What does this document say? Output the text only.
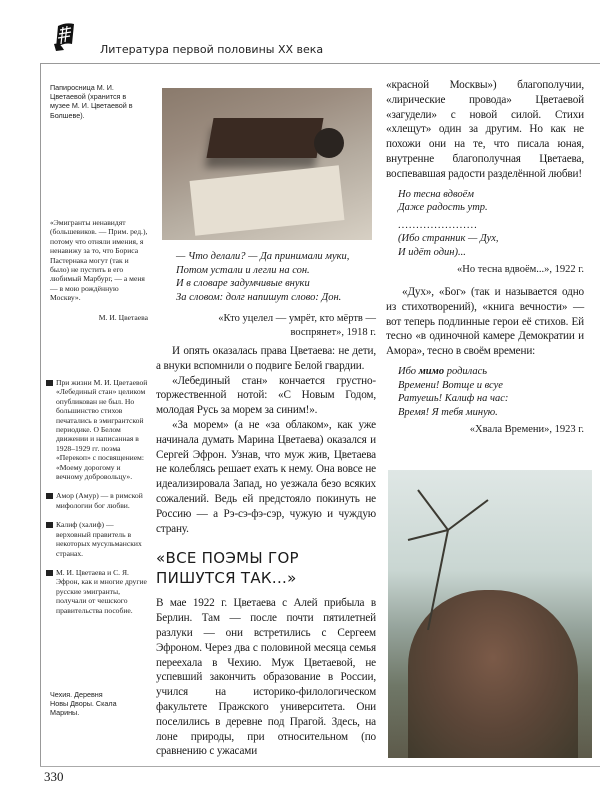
Литература первой половины XX века
Папиросница М. И. Цветаевой (хранится в музее М. И. Цветаевой в Болшеве).
«Эмигранты ненавидят (большевиков. — Прим. ред.), потому что отняли имения, я ненавижу за то, что Бориса Пастернака могут (так и было) не пустить в его любимый Марбург, — а меня — в мою рождённую Москву».
М. И. Цветаева
При жизни М. И. Цветаевой «Лебединый стан» целиком опубликован не был. Но большинство стихов печатались в эмигрантской периодике. О Белом движении и написанная в 1928–1929 гг. поэма «Перекоп» с посвящением: «Моему дорогому и вечному добровольцу».
Амор (Амур) — в римской мифологии бог любви.
Калиф (халиф) — верховный правитель в некоторых мусульманских странах.
М. И. Цветаева и С. Я. Эфрон, как и многие другие русские эмигранты, получали от чешского правительства пособие.
Чехия. Деревня Новы Дворы. Скала Марины.
— Что делали? — Да принимали муки,
Потом устали и легли на сон.
И в словаре задумчивые внуки
За словом: долг напишут слово: Дон.
«Кто уцелел — умрёт, кто мёртв — воспрянет», 1918 г.

И опять оказалась права Цветаева: не дети, а внуки вспомнили о подвиге Белой гвардии.

«Лебединый стан» кончается грустно-торжественной нотой: «С Новым Годом, молодая Русь за морем за синим!».

«За морем» (а не «за облаком», как уже начинала думать Марина Цветаева) оказался и Сергей Эфрон. Узнав, что муж жив, Цветаева не колеблясь решает ехать к нему. Она вовсе не идеализировала Запад, но уезжала безо всяких сожалений. Ведь ей предстояло покинуть не Россию — а Рэ-сэ-фэ-сэр, чужую и чуждую страну.

«ВСЕ ПОЭМЫ ГОР ПИШУТСЯ ТАК...»

В мае 1922 г. Цветаева с Алей прибыла в Берлин. Там — после почти пятилетней разлуки — они встретились с Сергеем Эфроном. Через два с половиной месяца семья переехала в Чехию. Муж Цветаевой, не успевший закончить образование в России, учился на историко-филологическом факультете Пражского университета. Они поселились в деревне под Прагой. Здесь, на лоне природы, при относительном (по сравнению с ужасами

«красной Москвы») благополучии, «лирические провода» Цветаевой «загудели» с новой силой. Стихи «хлещут» один за другим. Но как не похожи они на те, что писала юная, внутренне благополучная Цветаева, воспевавшая радости разделённой любви!

Но тесна вдвоём
Даже радость утр.
......................
(Ибо странник — Дух,
И идёт один)...
«Но тесна вдвоём...», 1922 г.

«Дух», «Бог» (так и называется одно из стихотворений), «книга вечности» — вот теперь подлинные герои её стихов. Ей тесно «в одиночной камере Демократии и Амора», тесно в своём времени:

Ибо мимо родилась
Времени! Вотще и всуе
Ратуешь! Калиф на час:
Время! Я тебя миную.
«Хвала Времени», 1923 г.
330
